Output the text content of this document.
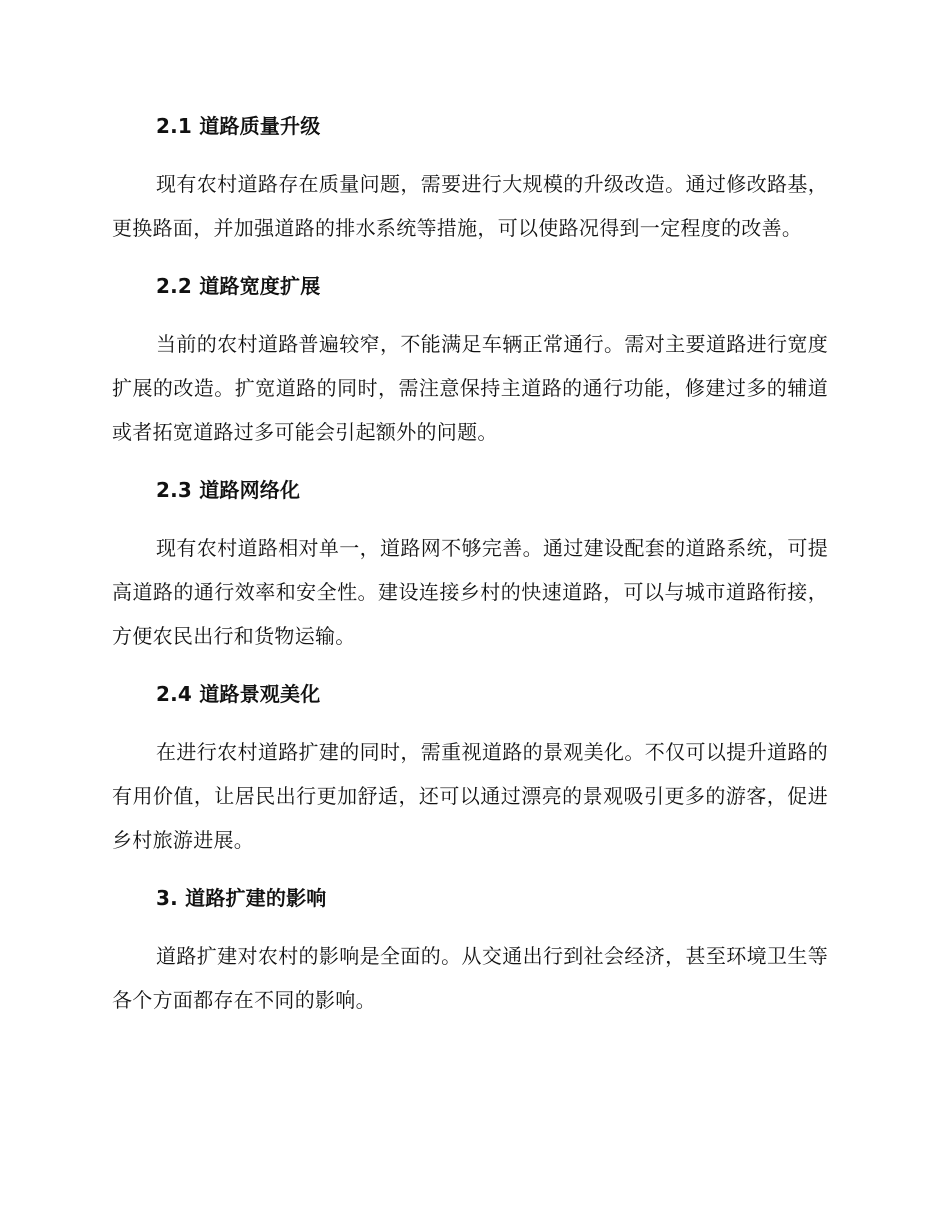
2.1 道路质量升级

现有农村道路存在质量问题，需要进行大规模的升级改造。通过修改路基，更换路面，并加强道路的排水系统等措施，可以使路况得到一定程度的改善。

2.2 道路宽度扩展

当前的农村道路普遍较窄，不能满足车辆正常通行。需对主要道路进行宽度扩展的改造。扩宽道路的同时，需注意保持主道路的通行功能，修建过多的辅道或者拓宽道路过多可能会引起额外的问题。

2.3 道路网络化

现有农村道路相对单一，道路网不够完善。通过建设配套的道路系统，可提高道路的通行效率和安全性。建设连接乡村的快速道路，可以与城市道路衔接，方便农民出行和货物运输。

2.4 道路景观美化

在进行农村道路扩建的同时，需重视道路的景观美化。不仅可以提升道路的有用价值，让居民出行更加舒适，还可以通过漂亮的景观吸引更多的游客，促进乡村旅游进展。

3. 道路扩建的影响

道路扩建对农村的影响是全面的。从交通出行到社会经济，甚至环境卫生等各个方面都存在不同的影响。
